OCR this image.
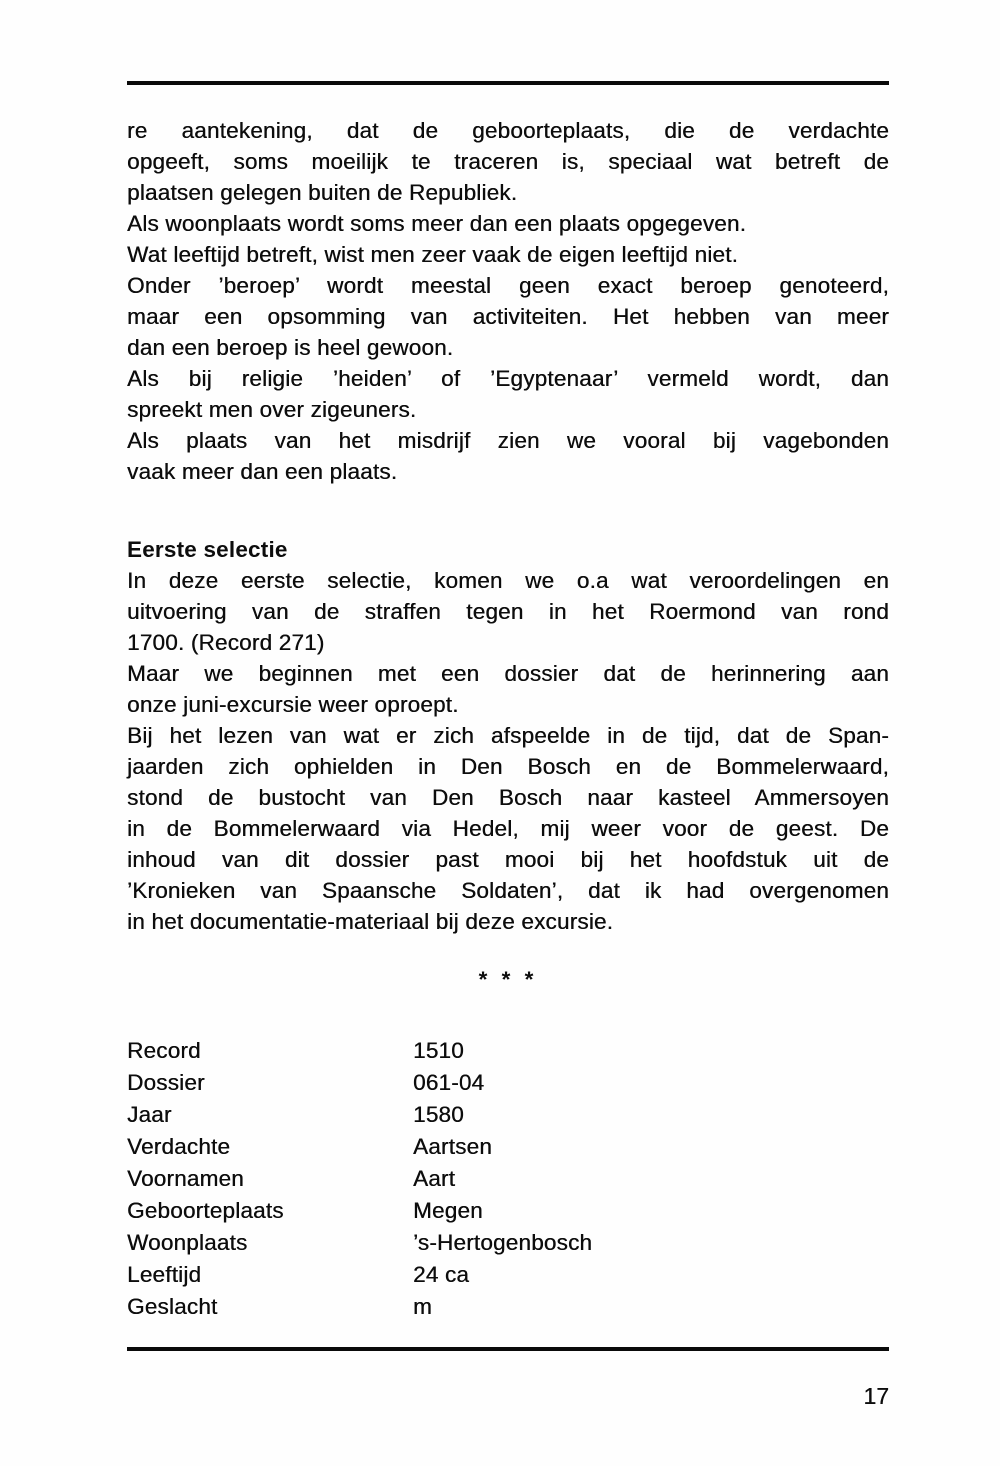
re aantekening, dat de geboorteplaats, die de verdachte
opgeeft, soms moeilijk te traceren is, speciaal wat betreft de
plaatsen gelegen buiten de Republiek.
Als woonplaats wordt soms meer dan een plaats opgegeven.
Wat leeftijd betreft, wist men zeer vaak de eigen leeftijd niet.
Onder ’beroep’ wordt meestal geen exact beroep genoteerd,
maar een opsomming van activiteiten. Het hebben van meer
dan een beroep is heel gewoon.
Als bij religie ’heiden’ of ’Egyptenaar’ vermeld wordt, dan
spreekt men over zigeuners.
Als plaats van het misdrijf zien we vooral bij vagebonden
vaak meer dan een plaats.
Eerste selectie
In deze eerste selectie, komen we o.a wat veroordelingen en
uitvoering van de straffen tegen in het Roermond van rond
1700. (Record 271)
Maar we beginnen met een dossier dat de herinnering aan
onze juni-excursie weer oproept.
Bij het lezen van wat er zich afspeelde in de tijd, dat de Span-
jaarden zich ophielden in Den Bosch en de Bommelerwaard,
stond de bustocht van Den Bosch naar kasteel Ammersoyen
in de Bommelerwaard via Hedel, mij weer voor de geest. De
inhoud van dit dossier past mooi bij het hoofdstuk uit de
’Kronieken van Spaansche Soldaten’, dat ik had overgenomen
in het documentatie-materiaal bij deze excursie.
* * *
Record	1510
Dossier	061-04
Jaar	1580
Verdachte	Aartsen
Voornamen	Aart
Geboorteplaats	Megen
Woonplaats	’s-Hertogenbosch
Leeftijd	24 ca
Geslacht	m
17
